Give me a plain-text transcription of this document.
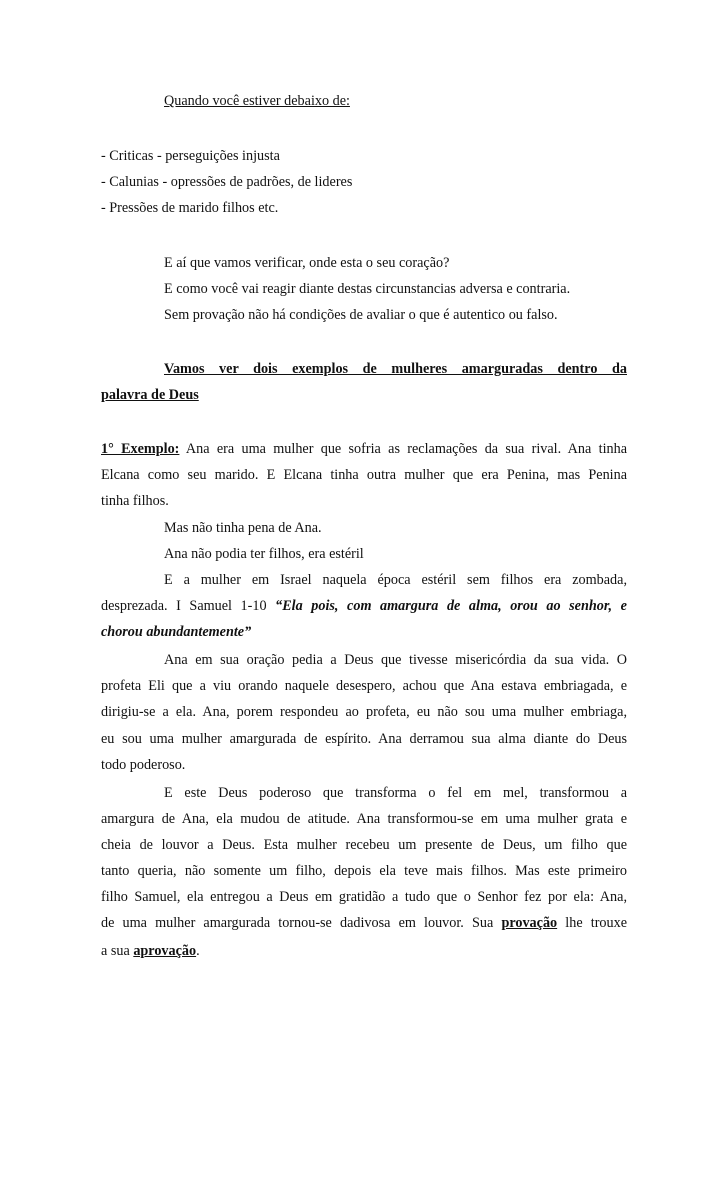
Quando você estiver debaixo de:
- Criticas - perseguições injusta
- Calunias - opressões de padrões, de lideres
- Pressões de marido filhos etc.
E aí que vamos verificar, onde esta o seu coração?
E como você vai reagir diante destas circunstancias adversa e contraria.
Sem provação não há condições de avaliar o que é autentico ou falso.
Vamos ver dois exemplos de mulheres amarguradas dentro da
palavra de Deus
1° Exemplo: Ana era uma mulher que sofria as reclamações da sua rival. Ana tinha
Elcana como seu marido. E Elcana tinha outra mulher que era Penina, mas Penina
tinha filhos.
Mas não tinha pena de Ana.
Ana não podia ter filhos, era estéril
E a mulher em Israel naquela época estéril sem filhos era zombada,
desprezada. I Samuel 1-10 “Ela pois, com amargura de alma, orou ao senhor, e
chorou abundantemente”
Ana em sua oração pedia a Deus que tivesse misericórdia da sua vida. O
profeta Eli que a viu orando naquele desespero, achou que Ana estava embriagada, e
dirigiu-se a ela. Ana, porem respondeu ao profeta, eu não sou uma mulher embriaga,
eu sou uma mulher amargurada de espírito. Ana derramou sua alma diante do Deus
todo poderoso.
E este Deus poderoso que transforma o fel em mel, transformou a
amargura de Ana, ela mudou de atitude. Ana transformou-se em uma mulher grata e
cheia de louvor a Deus. Esta mulher recebeu um presente de Deus, um filho que
tanto queria, não somente um filho, depois ela teve mais filhos. Mas este primeiro
filho Samuel, ela entregou a Deus em gratidão a tudo que o Senhor fez por ela: Ana,
de uma mulher amargurada tornou-se dadivosa em louvor. Sua provação lhe trouxe
a sua aprovação.
